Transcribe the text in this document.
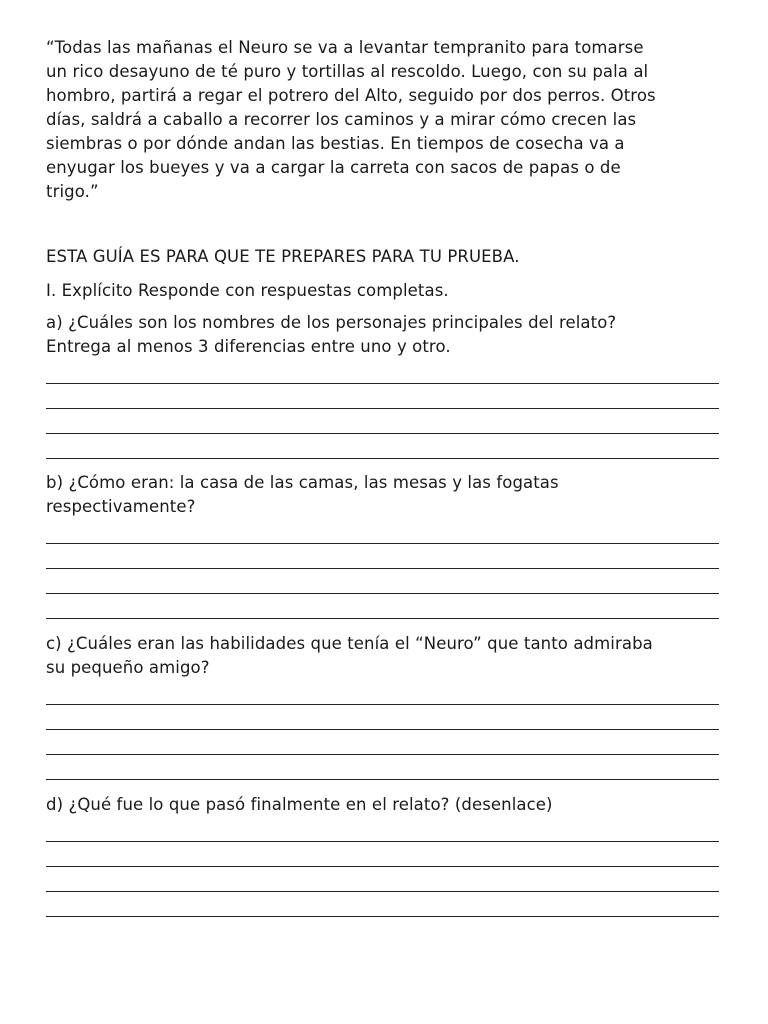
“Todas las mañanas el Neuro se va a levantar tempranito para tomarse
un rico desayuno de té puro y tortillas al rescoldo. Luego, con su pala al
hombro, partirá a regar el potrero del Alto, seguido por dos perros. Otros
días, saldrá a caballo a recorrer los caminos y a mirar cómo crecen las
siembras o por dónde andan las bestias. En tiempos de cosecha va a
enyugar los bueyes y va a cargar la carreta con sacos de papas o de
trigo.”
ESTA GUÍA ES PARA QUE TE PREPARES PARA TU PRUEBA.
I. Explícito Responde con respuestas completas.
a) ¿Cuáles son los nombres de los personajes principales del relato?
Entrega al menos 3 diferencias entre uno y otro.
b) ¿Cómo eran: la casa de las camas, las mesas y las fogatas
respectivamente?
c) ¿Cuáles eran las habilidades que tenía el “Neuro” que tanto admiraba
su pequeño amigo?
d) ¿Qué fue lo que pasó finalmente en el relato? (desenlace)
